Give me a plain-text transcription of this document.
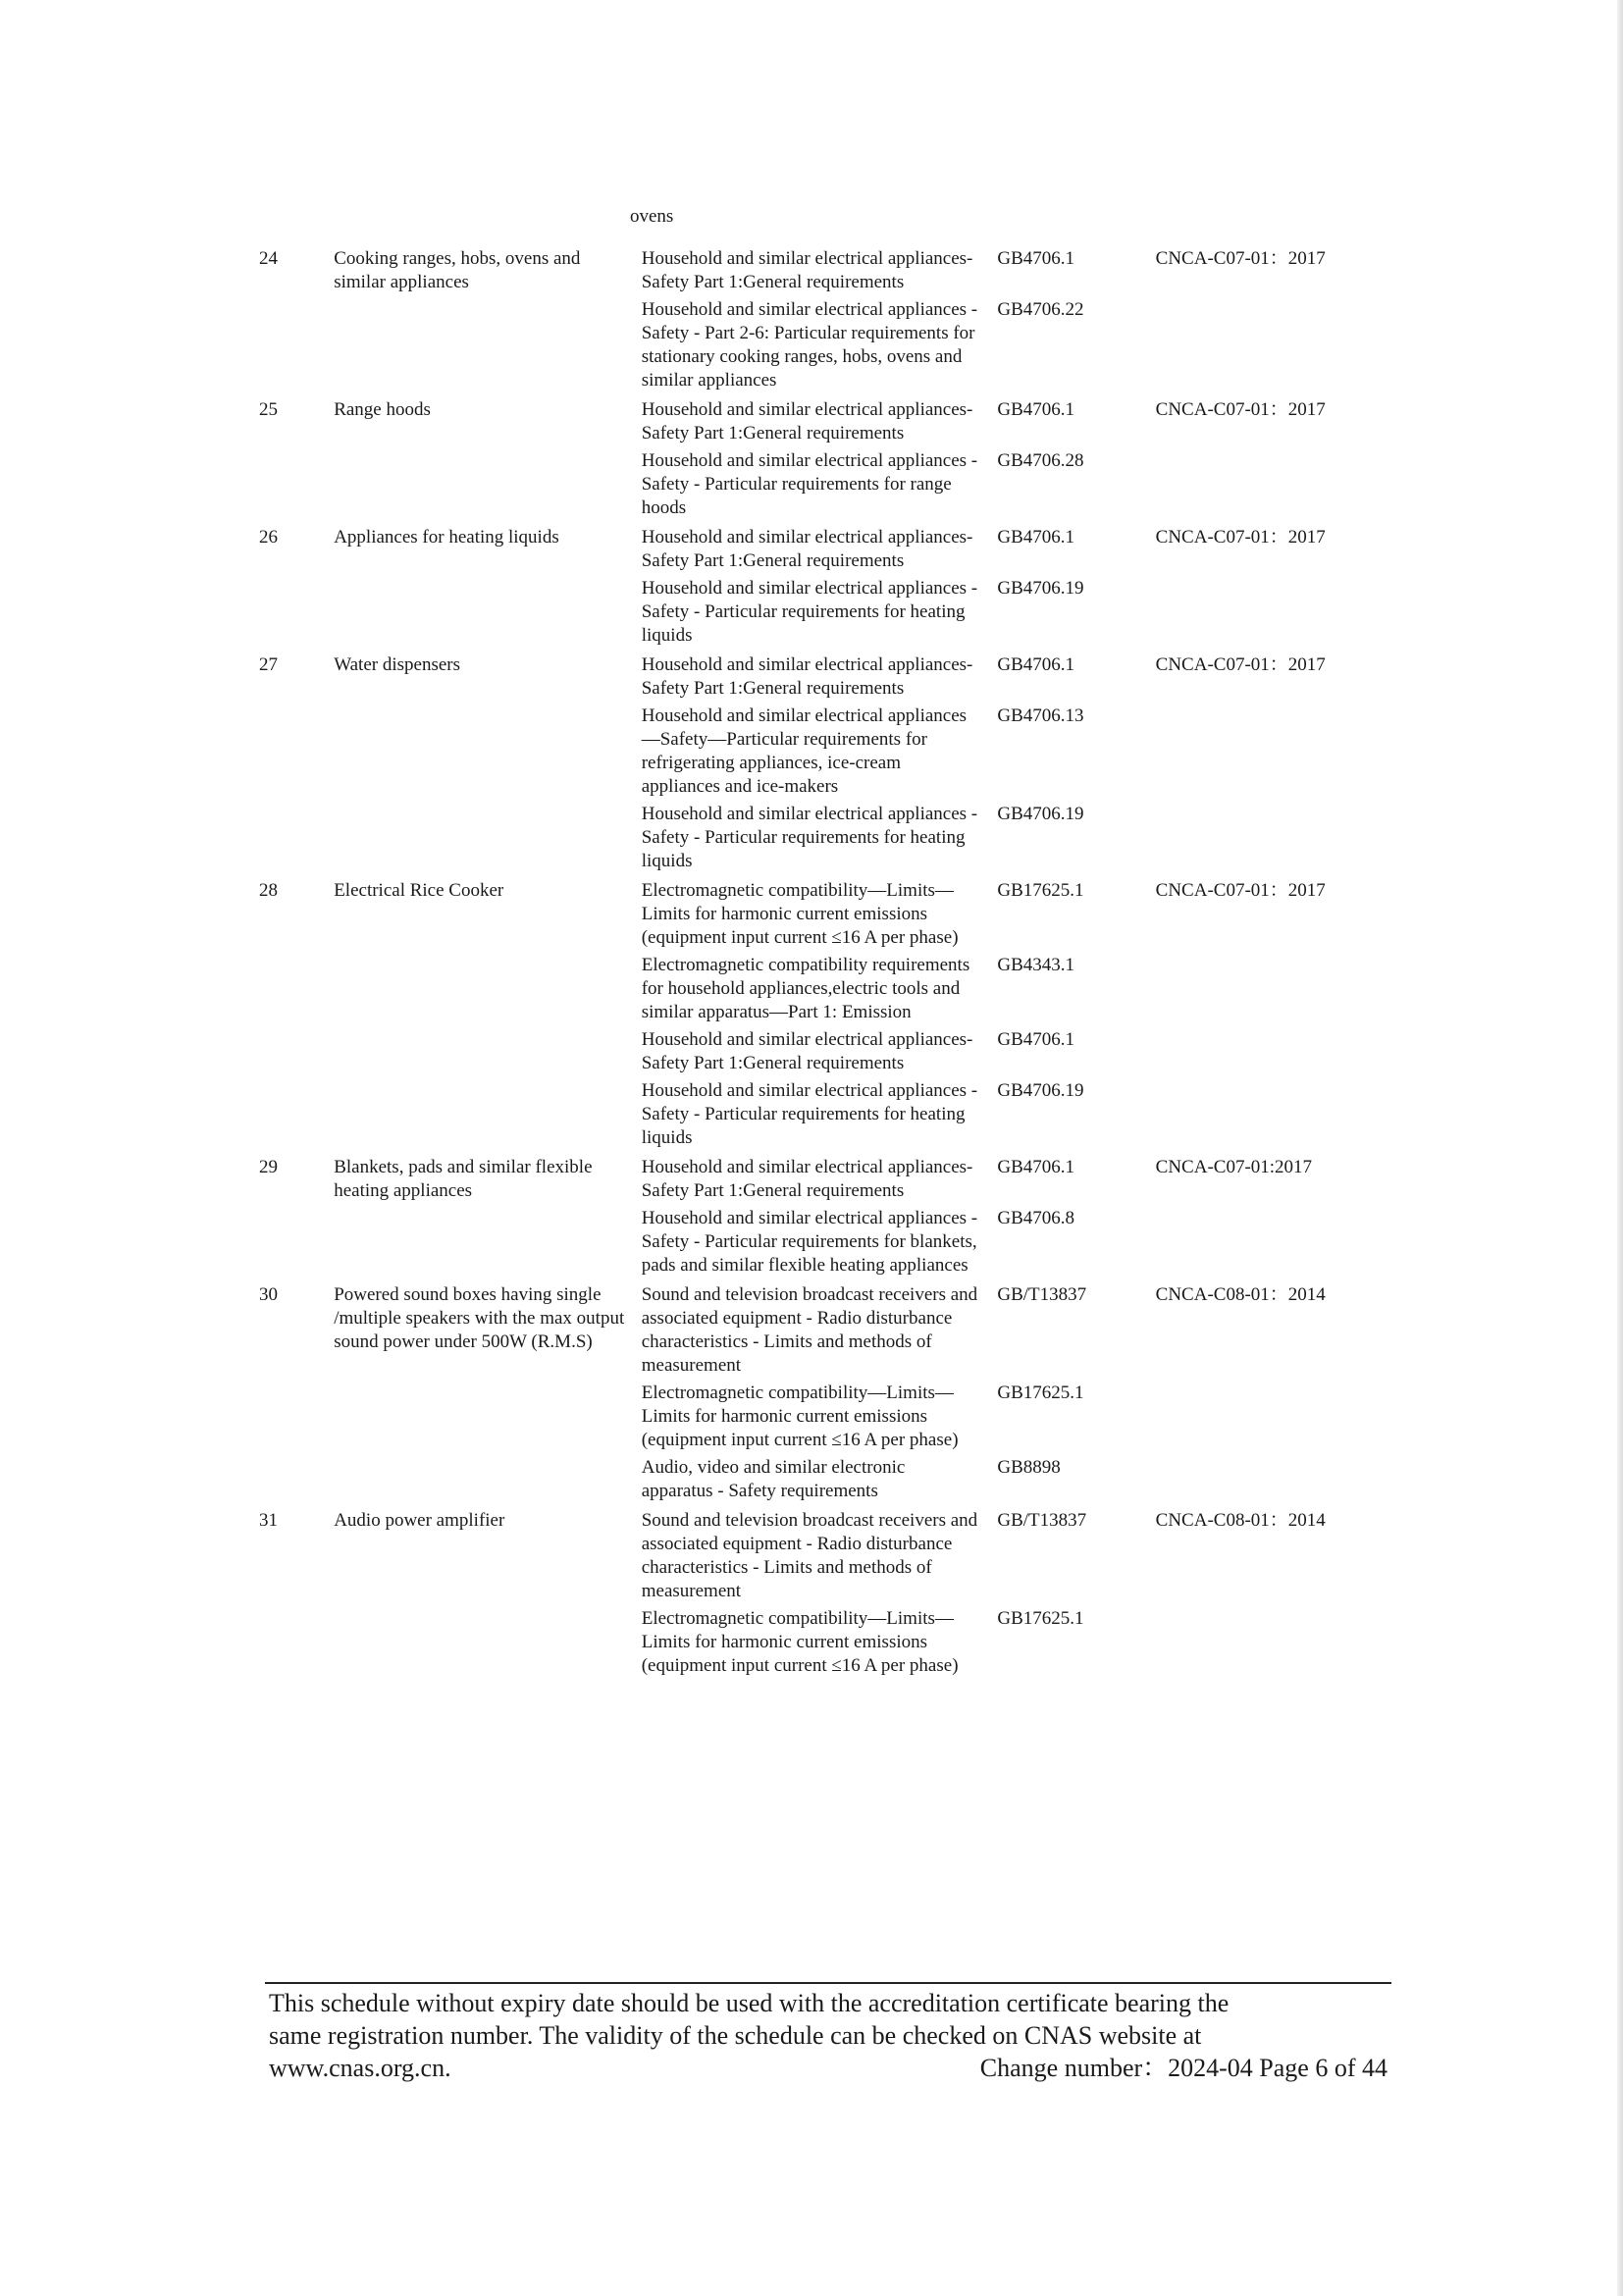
ovens
24	Cooking ranges, hobs, ovens and similar appliances	Household and similar electrical appliances-Safety Part 1:General requirements	GB4706.1	CNCA-C07-01：2017

		Household and similar electrical appliances - Safety - Part 2-6: Particular requirements for stationary cooking ranges, hobs, ovens and similar appliances	GB4706.22	
25	Range hoods	Household and similar electrical appliances-Safety Part 1:General requirements	GB4706.1	CNCA-C07-01：2017

		Household and similar electrical appliances - Safety - Particular requirements for range hoods	GB4706.28	
26	Appliances for heating liquids	Household and similar electrical appliances-Safety Part 1:General requirements	GB4706.1	CNCA-C07-01：2017

		Household and similar electrical appliances - Safety - Particular requirements for heating liquids	GB4706.19	
27	Water dispensers	Household and similar electrical appliances-Safety Part 1:General requirements	GB4706.1	CNCA-C07-01：2017

		Household and similar electrical appliances—Safety—Particular requirements for refrigerating appliances, ice-cream appliances and ice-makers	GB4706.13	

		Household and similar electrical appliances - Safety - Particular requirements for heating liquids	GB4706.19	
28	Electrical Rice Cooker	Electromagnetic compatibility—Limits—Limits for harmonic current emissions (equipment input current ≤16 A per phase)	GB17625.1	CNCA-C07-01：2017

		Electromagnetic compatibility requirements for household appliances,electric tools and similar apparatus—Part 1: Emission	GB4343.1	

		Household and similar electrical appliances-Safety Part 1:General requirements	GB4706.1	

		Household and similar electrical appliances - Safety - Particular requirements for heating liquids	GB4706.19	
29	Blankets, pads and similar flexible heating appliances	Household and similar electrical appliances-Safety Part 1:General requirements	GB4706.1	CNCA-C07-01:2017

		Household and similar electrical appliances - Safety - Particular requirements for blankets, pads and similar flexible heating appliances	GB4706.8	
30	Powered sound boxes having single /multiple speakers with the max output sound power under 500W (R.M.S)	Sound and television broadcast receivers and associated equipment - Radio disturbance characteristics - Limits and methods of measurement	GB/T13837	CNCA-C08-01：2014

		Electromagnetic compatibility—Limits—Limits for harmonic current emissions (equipment input current ≤16 A per phase)	GB17625.1	

		Audio, video and similar electronic apparatus - Safety requirements	GB8898	
31	Audio power amplifier	Sound and television broadcast receivers and associated equipment - Radio disturbance characteristics - Limits and methods of measurement	GB/T13837	CNCA-C08-01：2014

		Electromagnetic compatibility—Limits—Limits for harmonic current emissions (equipment input current ≤16 A per phase)	GB17625.1	
This schedule without expiry date should be used with the accreditation certificate bearing the
same registration number. The validity of the schedule can be checked on CNAS website at
www.cnas.org.cn.	Change number：2024-04 Page 6 of 44
